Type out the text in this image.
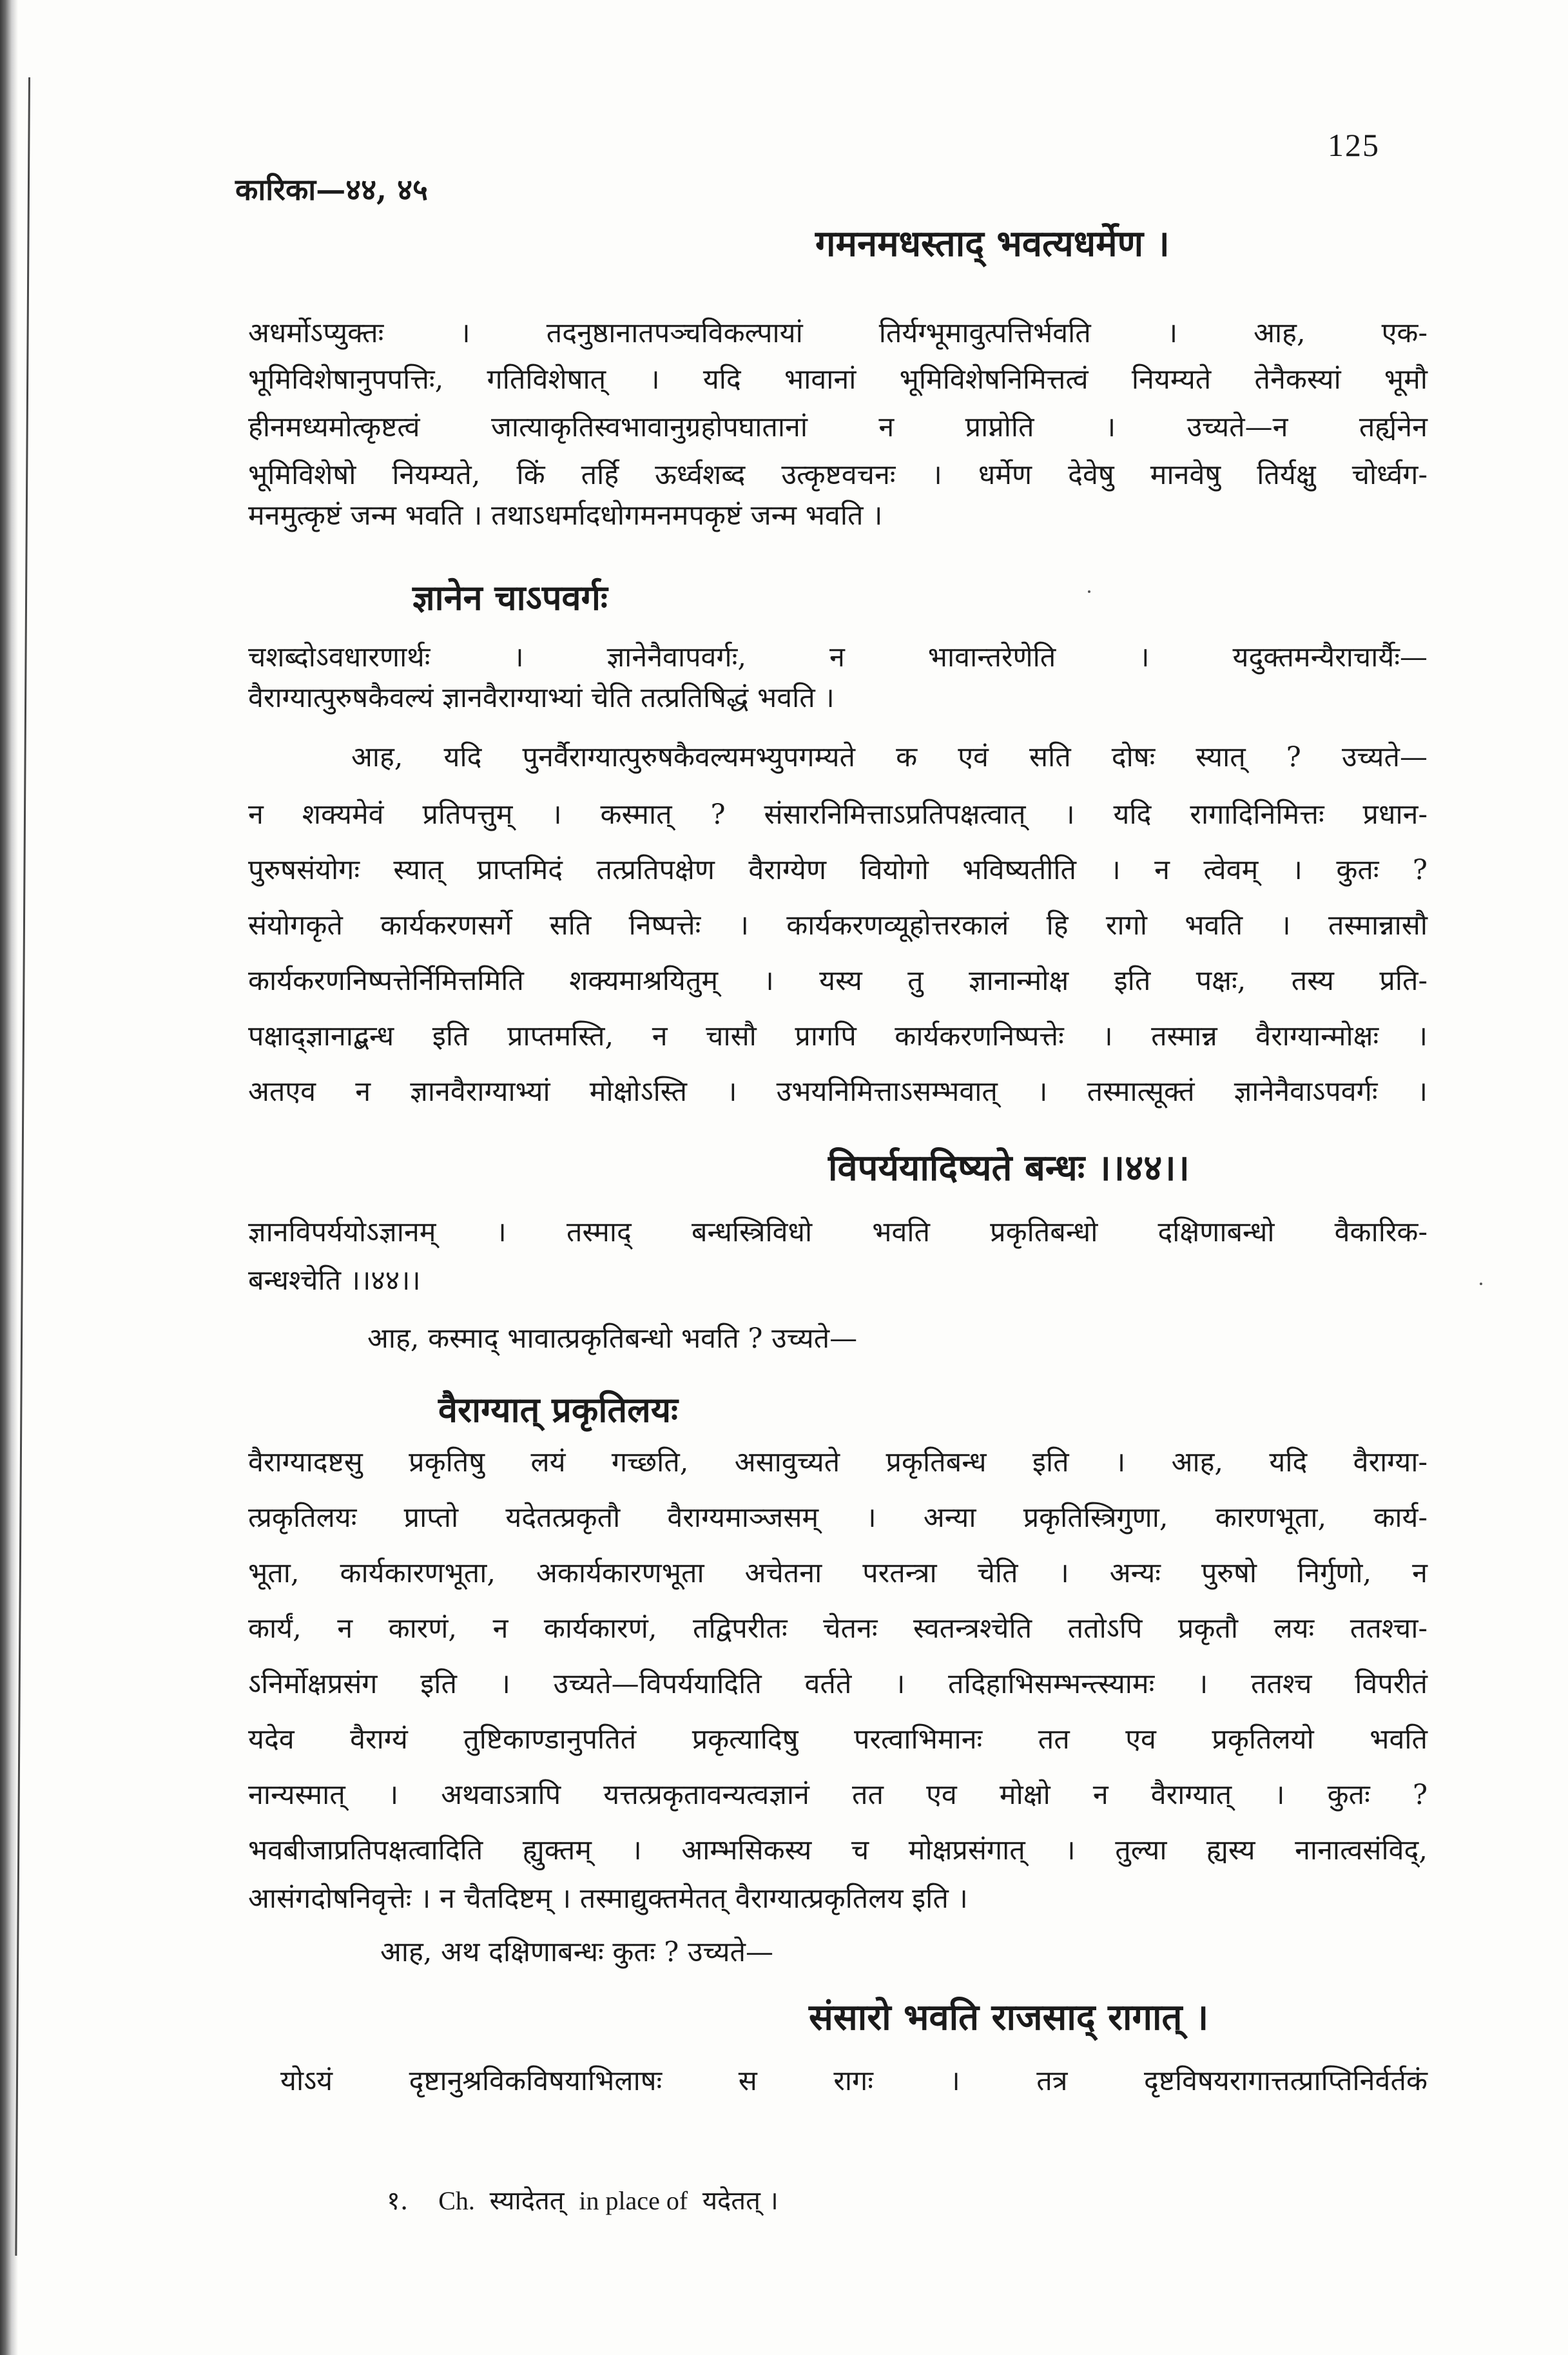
125
कारिका—४४, ४५
गमनमधस्ताद् भवत्यधर्मेण ।
अधर्मोऽप्युक्तः । तदनुष्ठानातपञ्चविकल्पायां तिर्यग्भूमावुत्पत्तिर्भवति । आह, एक-
भूमिविशेषानुपपत्तिः, गतिविशेषात् । यदि भावानां भूमिविशेषनिमित्तत्वं नियम्यते तेनैकस्यां भूमौ
हीनमध्यमोत्कृष्टत्वं जात्याकृतिस्वभावानुग्रहोपघातानां न प्राप्नोति । उच्यते—न तर्ह्यनेन
भूमिविशेषो नियम्यते, किं तर्हि ऊर्ध्वशब्द उत्कृष्टवचनः । धर्मेण देवेषु मानवेषु तिर्यक्षु चोर्ध्वग-
मनमुत्कृष्टं जन्म भवति । तथाऽधर्मादधोगमनमपकृष्टं जन्म भवति ।
ज्ञानेन चाऽपवर्गः
चशब्दोऽवधारणार्थः । ज्ञानेनैवापवर्गः, न भावान्तरेणेति । यदुक्तमन्यैराचार्यैः—
वैराग्यात्पुरुषकैवल्यं ज्ञानवैराग्याभ्यां चेति तत्प्रतिषिद्धं भवति ।
आह, यदि पुनर्वैराग्यात्पुरुषकैवल्यमभ्युपगम्यते क एवं सति दोषः स्यात् ? उच्यते—
न शक्यमेवं प्रतिपत्तुम् । कस्मात् ? संसारनिमित्ताऽप्रतिपक्षत्वात् । यदि रागादिनिमित्तः प्रधान-
पुरुषसंयोगः स्यात् प्राप्तमिदं तत्प्रतिपक्षेण वैराग्येण वियोगो भविष्यतीति । न त्वेवम् । कुतः ?
संयोगकृते कार्यकरणसर्गे सति निष्पत्तेः । कार्यकरणव्यूहोत्तरकालं हि रागो भवति । तस्मान्नासौ
कार्यकरणनिष्पत्तेर्निमित्तमिति शक्यमाश्रयितुम् । यस्य तु ज्ञानान्मोक्ष इति पक्षः, तस्य प्रति-
पक्षाद्ज्ञानाद्बन्ध इति प्राप्तमस्ति, न चासौ प्रागपि कार्यकरणनिष्पत्तेः । तस्मान्न वैराग्यान्मोक्षः ।
अतएव न ज्ञानवैराग्याभ्यां मोक्षोऽस्ति । उभयनिमित्ताऽसम्भवात् । तस्मात्सूक्तं ज्ञानेनैवाऽपवर्गः ।
विपर्ययादिष्यते बन्धः ।।४४।।
ज्ञानविपर्ययोऽज्ञानम् । तस्माद् बन्धस्त्रिविधो भवति प्रकृतिबन्धो दक्षिणाबन्धो वैकारिक-
बन्धश्चेति ।।४४।।
आह, कस्माद् भावात्प्रकृतिबन्धो भवति ? उच्यते—
वैराग्यात् प्रकृतिलयः
वैराग्यादष्टसु प्रकृतिषु लयं गच्छति, असावुच्यते प्रकृतिबन्ध इति । आह, यदि वैराग्या-
त्प्रकृतिलयः प्राप्तो यदेतत्प्रकृतौ वैराग्यमाञ्जसम् । अन्या प्रकृतिस्त्रिगुणा, कारणभूता, कार्य-
भूता, कार्यकारणभूता, अकार्यकारणभूता अचेतना परतन्त्रा चेति । अन्यः पुरुषो निर्गुणो, न
कार्यं, न कारणं, न कार्यकारणं, तद्विपरीतः चेतनः स्वतन्त्रश्चेति ततोऽपि प्रकृतौ लयः ततश्चा-
ऽनिर्मोक्षप्रसंग इति । उच्यते—विपर्ययादिति वर्तते । तदिहाभिसम्भन्त्स्यामः । ततश्च विपरीतं
यदेव वैराग्यं तुष्टिकाण्डानुपतितं प्रकृत्यादिषु परत्वाभिमानः तत एव प्रकृतिलयो भवति
नान्यस्मात् । अथवाऽत्रापि यत्तत्प्रकृतावन्यत्वज्ञानं तत एव मोक्षो न वैराग्यात् । कुतः ?
भवबीजाप्रतिपक्षत्वादिति ह्युक्तम् । आम्भसिकस्य च मोक्षप्रसंगात् । तुल्या ह्यस्य नानात्वसंविद्,
आसंगदोषनिवृत्तेः । न चैतदिष्टम् । तस्माद्युक्तमेतत् वैराग्यात्प्रकृतिलय इति ।
आह, अथ दक्षिणाबन्धः कुतः ? उच्यते—
संसारो भवति राजसाद् रागात् ।
योऽयं दृष्टानुश्रविकविषयाभिलाषः स रागः । तत्र दृष्टविषयरागात्तत्प्राप्तिनिर्वर्तकं
१. Ch. स्यादेतत् in place of यदेतत् ।
